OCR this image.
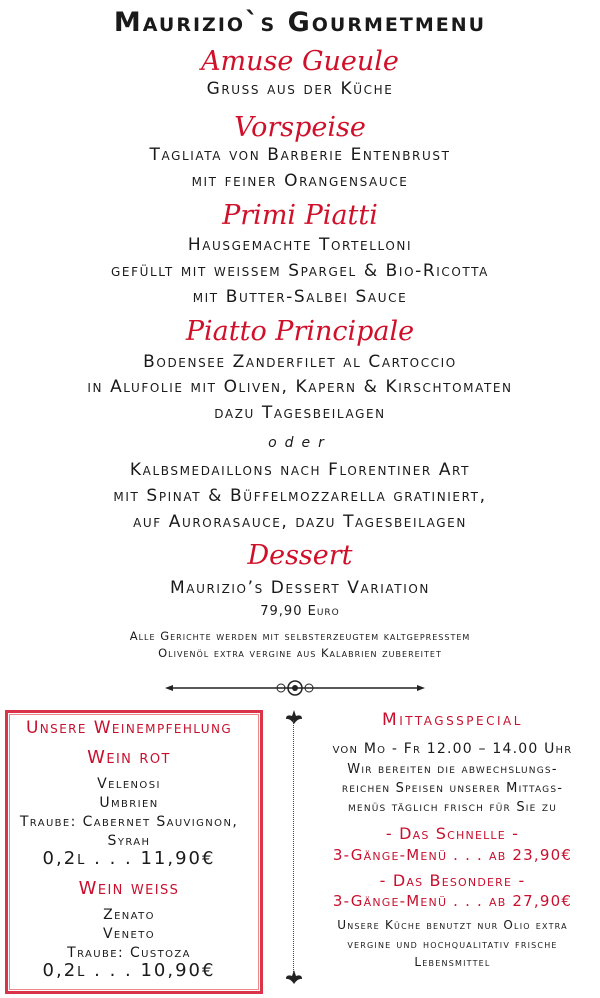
Maurizio`s Gourmetmenu
Amuse Gueule
Gruss aus der Küche
Vorspeise
Tagliata von Barberie Entenbrust
mit feiner Orangensauce
Primi Piatti
Hausgemachte Tortelloni
gefüllt mit weissem Spargel & Bio-Ricotta
mit Butter-Salbei Sauce
Piatto Principale
Bodensee Zanderfilet al Cartoccio
in Alufolie mit Oliven, Kapern & Kirschtomaten
dazu Tagesbeilagen
oder
Kalbsmedaillons nach Florentiner Art
mit Spinat & Büffelmozzarella gratiniert,
auf Aurorasauce, dazu Tagesbeilagen
Dessert
Maurizio’s Dessert Variation
79,90 Euro
Alle Gerichte werden mit selbsterzeugtem kaltgepresstem
Olivenöl extra vergine aus Kalabrien zubereitet
Unsere Weinempfehlung
Wein rot
Velenosi
Umbrien
Traube: Cabernet Sauvignon,
Syrah
0,2l . . . 11,90€
Wein weiss
Zenato
Veneto
Traube: Custoza
0,2l . . . 10,90€
Mittagsspecial
von Mo - Fr 12.00 – 14.00 Uhr
Wir bereiten die abwechslungs-
reichen Speisen unserer Mittags-
menüs täglich frisch für Sie zu
- Das Schnelle -
3-Gänge-Menü . . . ab 23,90€
- Das Besondere -
3-Gänge-Menü . . . ab 27,90€
Unsere Küche benutzt nur Olio extra
vergine und hochqualitativ frische
Lebensmittel
